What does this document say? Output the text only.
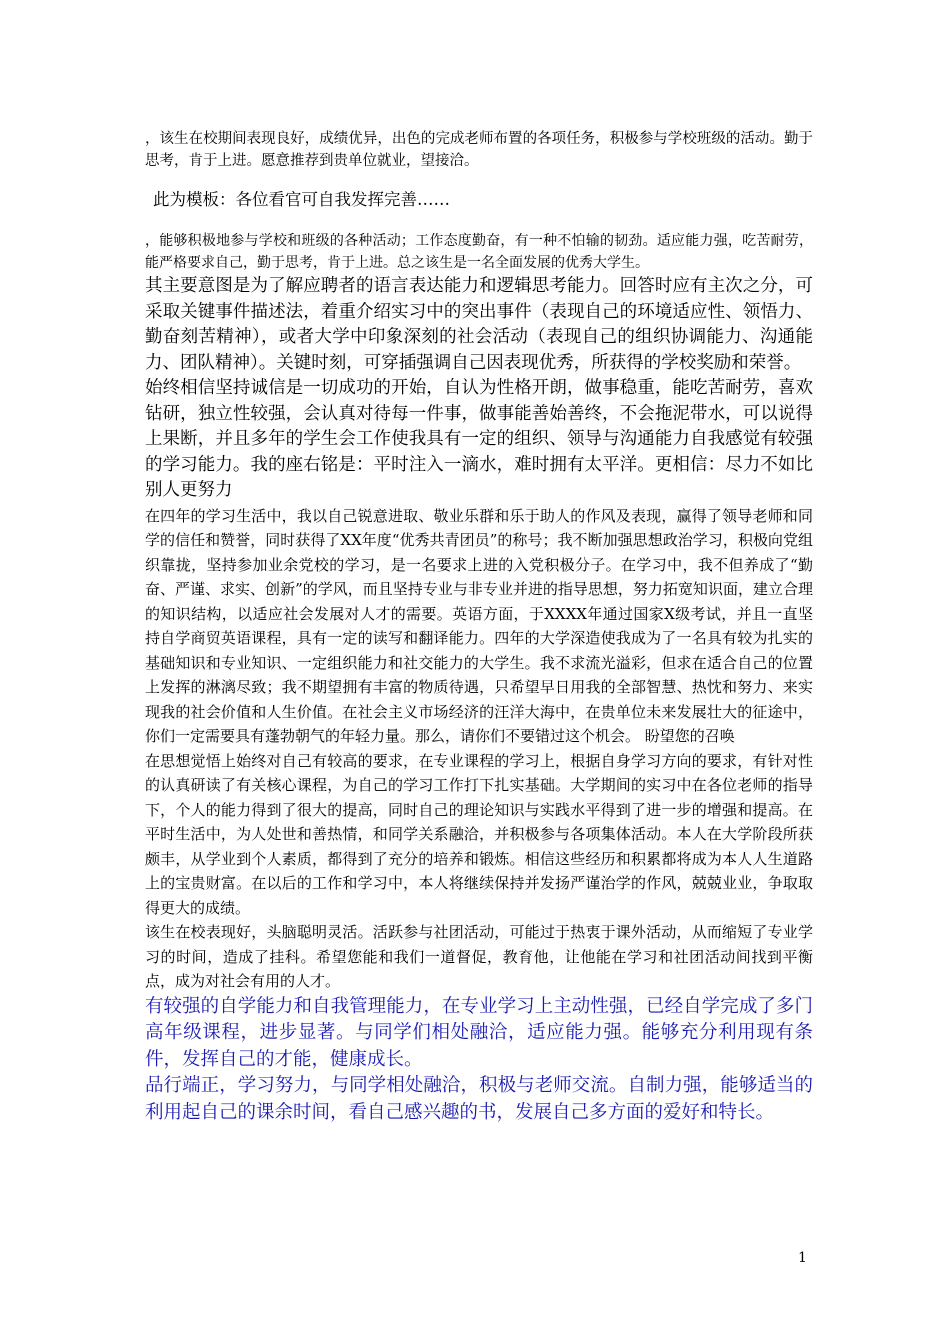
，该生在校期间表现良好，成绩优异，出色的完成老师布置的各项任务，积极参与学校班级的活动。勤于思考，肯于上进。愿意推荐到贵单位就业，望接洽。

此为模板：各位看官可自我发挥完善……

，能够积极地参与学校和班级的各种活动；工作态度勤奋，有一种不怕输的韧劲。适应能力强，吃苦耐劳，能严格要求自己，勤于思考，肯于上进。总之该生是一名全面发展的优秀大学生。

其主要意图是为了解应聘者的语言表达能力和逻辑思考能力。回答时应有主次之分，可采取关键事件描述法，着重介绍实习中的突出事件（表现自己的环境适应性、领悟力、勤奋刻苦精神），或者大学中印象深刻的社会活动（表现自己的组织协调能力、沟通能力、团队精神）。关键时刻，可穿插强调自己因表现优秀，所获得的学校奖励和荣誉。

始终相信坚持诚信是一切成功的开始，自认为性格开朗，做事稳重，能吃苦耐劳，喜欢钻研，独立性较强，会认真对待每一件事，做事能善始善终，不会拖泥带水，可以说得上果断，并且多年的学生会工作使我具有一定的组织、领导与沟通能力自我感觉有较强的学习能力。我的座右铭是：平时注入一滴水，难时拥有太平洋。更相信：尽力不如比别人更努力

在四年的学习生活中，我以自己锐意进取、敬业乐群和乐于助人的作风及表现，赢得了领导老师和同学的信任和赞誉，同时获得了XX年度“优秀共青团员”的称号；我不断加强思想政治学习，积极向党组织靠拢，坚持参加业余党校的学习，是一名要求上进的入党积极分子。在学习中，我不但养成了“勤奋、严谨、求实、创新”的学风，而且坚持专业与非专业并进的指导思想，努力拓宽知识面，建立合理的知识结构，以适应社会发展对人才的需要。英语方面，于XXXX年通过国家X级考试，并且一直坚持自学商贸英语课程，具有一定的读写和翻译能力。四年的大学深造使我成为了一名具有较为扎实的基础知识和专业知识、一定组织能力和社交能力的大学生。我不求流光溢彩，但求在适合自己的位置上发挥的淋漓尽致；我不期望拥有丰富的物质待遇，只希望早日用我的全部智慧、热忱和努力、来实现我的社会价值和人生价值。在社会主义市场经济的汪洋大海中，在贵单位未来发展壮大的征途中，你们一定需要具有蓬勃朝气的年轻力量。那么，请你们不要错过这个机会。 盼望您的召唤

在思想觉悟上始终对自己有较高的要求，在专业课程的学习上，根据自身学习方向的要求，有针对性的认真研读了有关核心课程，为自己的学习工作打下扎实基础。大学期间的实习中在各位老师的指导下，个人的能力得到了很大的提高，同时自己的理论知识与实践水平得到了进一步的增强和提高。在平时生活中，为人处世和善热情，和同学关系融洽，并积极参与各项集体活动。本人在大学阶段所获颇丰，从学业到个人素质，都得到了充分的培养和锻炼。相信这些经历和积累都将成为本人人生道路上的宝贵财富。在以后的工作和学习中，本人将继续保持并发扬严谨治学的作风，兢兢业业，争取取得更大的成绩。

该生在校表现好，头脑聪明灵活。活跃参与社团活动，可能过于热衷于课外活动，从而缩短了专业学习的时间，造成了挂科。希望您能和我们一道督促，教育他，让他能在学习和社团活动间找到平衡点，成为对社会有用的人才。

有较强的自学能力和自我管理能力，在专业学习上主动性强，已经自学完成了多门高年级课程，进步显著。与同学们相处融洽，适应能力强。能够充分利用现有条件，发挥自己的才能，健康成长。

品行端正，学习努力，与同学相处融洽，积极与老师交流。自制力强，能够适当的利用起自己的课余时间，看自己感兴趣的书，发展自己多方面的爱好和特长。

1
